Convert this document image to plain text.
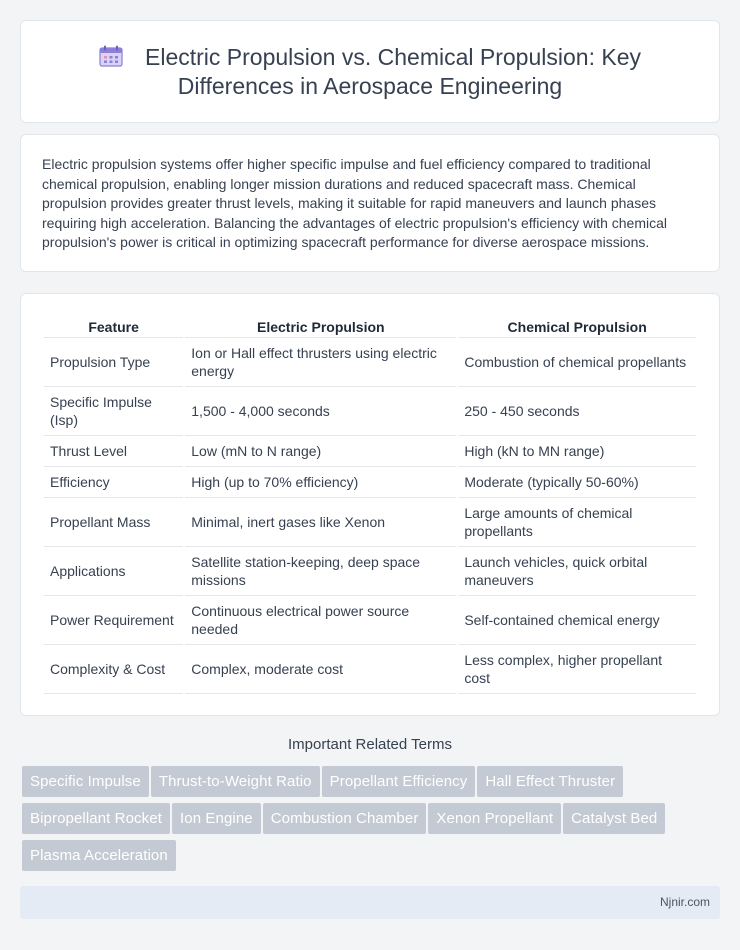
Electric Propulsion vs. Chemical Propulsion: Key
Differences in Aerospace Engineering

Electric propulsion systems offer higher specific impulse and fuel efficiency compared to traditional chemical propulsion, enabling longer mission durations and reduced spacecraft mass. Chemical propulsion provides greater thrust levels, making it suitable for rapid maneuvers and launch phases requiring high acceleration. Balancing the advantages of electric propulsion's efficiency with chemical propulsion's power is critical in optimizing spacecraft performance for diverse aerospace missions.

Feature	Electric Propulsion	Chemical Propulsion
Propulsion Type	Ion or Hall effect thrusters using electric energy	Combustion of chemical propellants
Specific Impulse (Isp)	1,500 - 4,000 seconds	250 - 450 seconds
Thrust Level	Low (mN to N range)	High (kN to MN range)
Efficiency	High (up to 70% efficiency)	Moderate (typically 50-60%)
Propellant Mass	Minimal, inert gases like Xenon	Large amounts of chemical propellants
Applications	Satellite station-keeping, deep space missions	Launch vehicles, quick orbital maneuvers
Power Requirement	Continuous electrical power source needed	Self-contained chemical energy
Complexity & Cost	Complex, moderate cost	Less complex, higher propellant cost
Important Related Terms
Specific Impulse Thrust-to-Weight Ratio Propellant Efficiency Hall Effect Thruster
Bipropellant Rocket Ion Engine Combustion Chamber Xenon Propellant Catalyst Bed
Plasma Acceleration
Njnir.com
